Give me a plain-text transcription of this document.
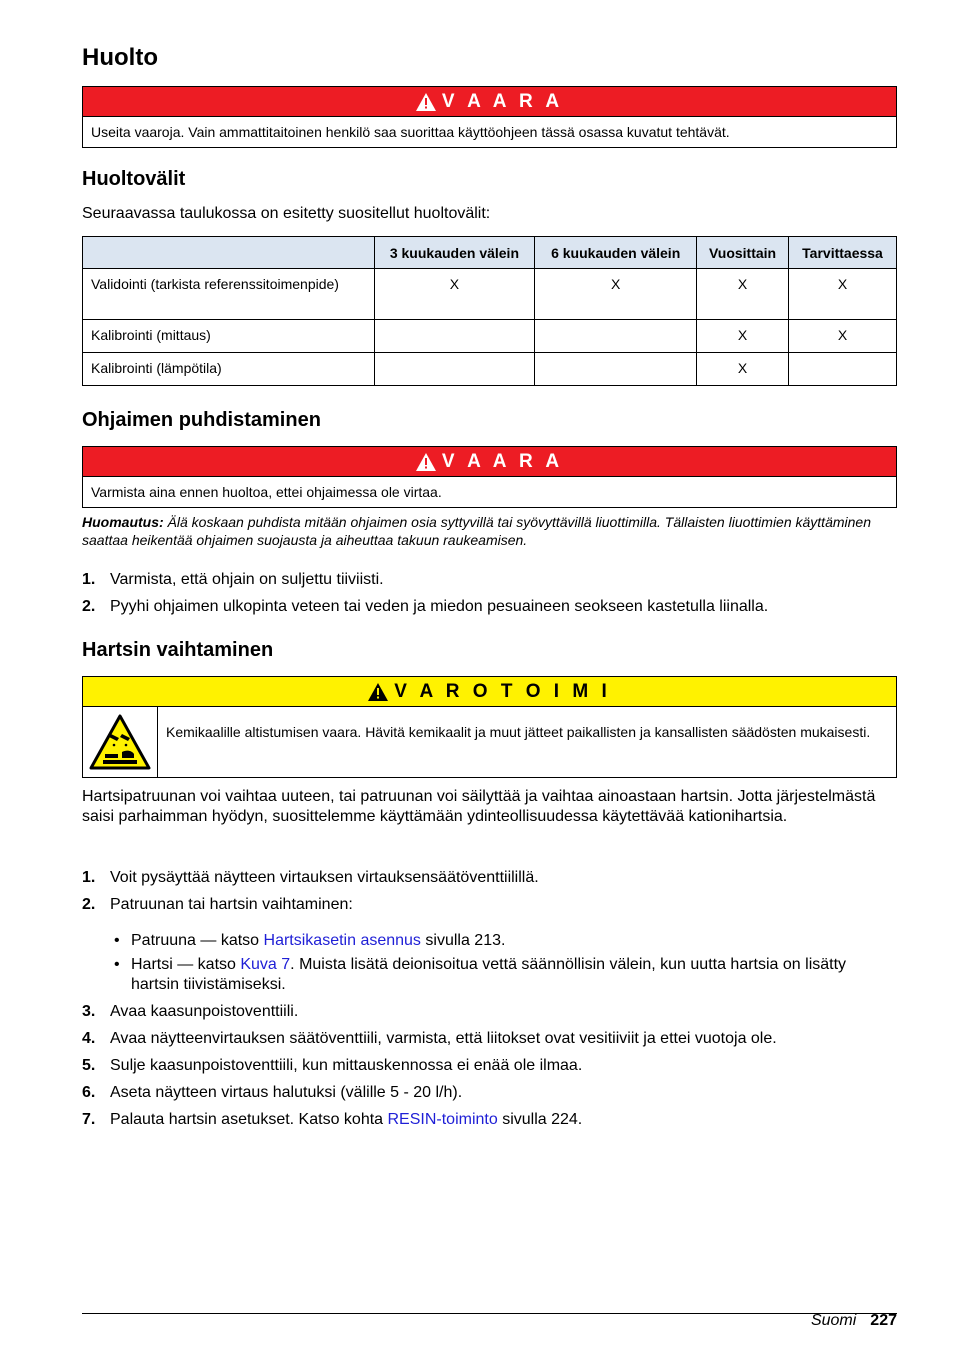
Huolto
V A A R A
Useita vaaroja. Vain ammattitaitoinen henkilö saa suorittaa käyttöohjeen tässä osassa kuvatut tehtävät.
Huoltovälit

Seuraavassa taulukossa on esitetty suositellut huoltovälit:

	3 kuukauden välein	6 kuukauden välein	Vuosittain	Tarvittaessa
Validointi (tarkista referenssitoimenpide)	X	X	X	X
Kalibrointi (mittaus)			X	X
Kalibrointi (lämpötila)			X	
Ohjaimen puhdistaminen
V A A R A
Varmista aina ennen huoltoa, ettei ohjaimessa ole virtaa.
Huomautus: Älä koskaan puhdista mitään ohjaimen osia syttyvillä tai syövyttävillä liuottimilla. Tällaisten liuottimien käyttäminen saattaa heikentää ohjaimen suojausta ja aiheuttaa takuun raukeamisen.
1. Varmista, että ohjain on suljettu tiiviisti.
2. Pyyhi ohjaimen ulkopinta veteen tai veden ja miedon pesuaineen seokseen kastetulla liinalla.
Hartsin vaihtaminen
V A R O T O I M I
Kemikaalille altistumisen vaara. Hävitä kemikaalit ja muut jätteet paikallisten ja kansallisten säädösten mukaisesti.

Hartsipatruunan voi vaihtaa uuteen, tai patruunan voi säilyttää ja vaihtaa ainoastaan hartsin. Jotta järjestelmästä saisi parhaimman hyödyn, suosittelemme käyttämään ydinteollisuudessa käytettävää kationihartsia.

1. Voit pysäyttää näytteen virtauksen virtauksensäätöventtiilillä.
2. Patruunan tai hartsin vaihtaminen:
• Patruuna — katso Hartsikasetin asennus sivulla 213.
• Hartsi — katso Kuva 7. Muista lisätä deionisoitua vettä säännöllisin välein, kun uutta hartsia on lisätty hartsin tiivistämiseksi.
3. Avaa kaasunpoistoventtiili.
4. Avaa näytteenvirtauksen säätöventtiili, varmista, että liitokset ovat vesitiiviit ja ettei vuotoja ole.
5. Sulje kaasunpoistoventtiili, kun mittauskennossa ei enää ole ilmaa.
6. Aseta näytteen virtaus halutuksi (välille 5 - 20 l/h).
7. Palauta hartsin asetukset. Katso kohta RESIN-toiminto sivulla 224.
Suomi 227
